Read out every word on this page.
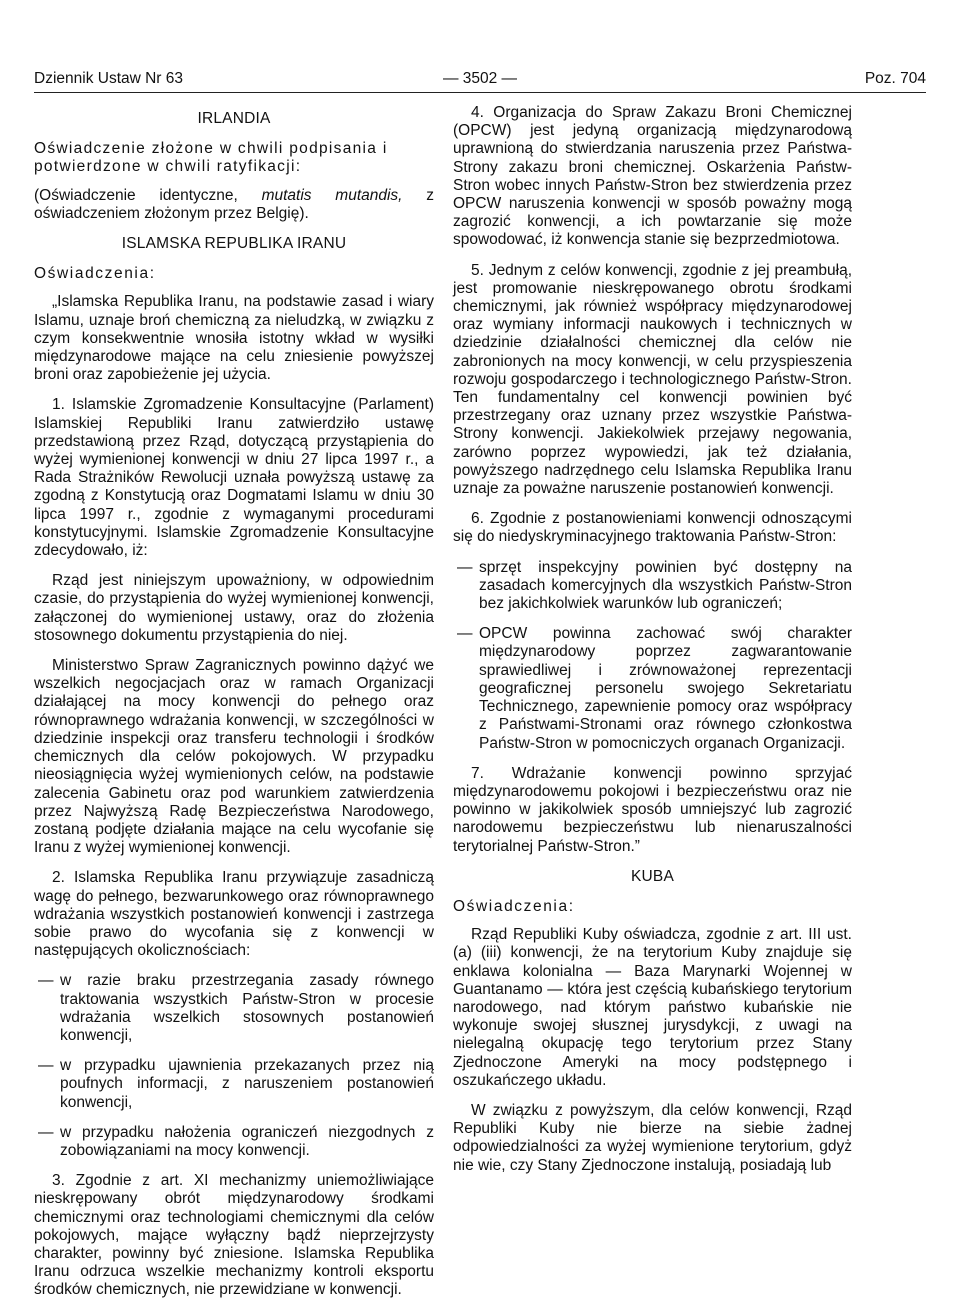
Dziennik Ustaw Nr 63	— 3502 —	Poz. 704
IRLANDIA

Oświadczenie złożone w chwili podpisania i potwierdzone w chwili ratyfikacji:

(Oświadczenie identyczne, mutatis mutandis, z oświadczeniem złożonym przez Belgię).

ISLAMSKA REPUBLIKA IRANU

Oświadczenia:

„Islamska Republika Iranu, na podstawie zasad i wiary Islamu, uznaje broń chemiczną za nieludzką, w związku z czym konsekwentnie wnosiła istotny wkład w wysiłki międzynarodowe mające na celu zniesienie powyższej broni oraz zapobieżenie jej użycia.

1. Islamskie Zgromadzenie Konsultacyjne (Parlament) Islamskiej Republiki Iranu zatwierdziło ustawę przedstawioną przez Rząd, dotyczącą przystąpienia do wyżej wymienionej konwencji w dniu 27 lipca 1997 r., a Rada Strażników Rewolucji uznała powyższą ustawę za zgodną z Konstytucją oraz Dogmatami Islamu w dniu 30 lipca 1997 r., zgodnie z wymaganymi procedurami konstytucyjnymi. Islamskie Zgromadzenie Konsultacyjne zdecydowało, iż:

Rząd jest niniejszym upoważniony, w odpowiednim czasie, do przystąpienia do wyżej wymienionej konwencji, załączonej do wymienionej ustawy, oraz do złożenia stosownego dokumentu przystąpienia do niej.

Ministerstwo Spraw Zagranicznych powinno dążyć we wszelkich negocjacjach oraz w ramach Organizacji działającej na mocy konwencji do pełnego oraz równoprawnego wdrażania konwencji, w szczególności w dziedzinie inspekcji oraz transferu technologii i środków chemicznych dla celów pokojowych. W przypadku nieosiągnięcia wyżej wymienionych celów, na podstawie zalecenia Gabinetu oraz pod warunkiem zatwierdzenia przez Najwyższą Radę Bezpieczeństwa Narodowego, zostaną podjęte działania mające na celu wycofanie się Iranu z wyżej wymienionej konwencji.

2. Islamska Republika Iranu przywiązuje zasadniczą wagę do pełnego, bezwarunkowego oraz równoprawnego wdrażania wszystkich postanowień konwencji i zastrzega sobie prawo do wycofania się z konwencji w następujących okolicznościach:

— w razie braku przestrzegania zasady równego traktowania wszystkich Państw-Stron w procesie wdrażania wszelkich stosownych postanowień konwencji,

— w przypadku ujawnienia przekazanych przez nią poufnych informacji, z naruszeniem postanowień konwencji,

— w przypadku nałożenia ograniczeń niezgodnych z zobowiązaniami na mocy konwencji.

3. Zgodnie z art. XI mechanizmy uniemożliwiające nieskrępowany obrót międzynarodowy środkami chemicznymi oraz technologiami chemicznymi dla celów pokojowych, mające wyłączny bądź nieprzejrzysty charakter, powinny być zniesione. Islamska Republika Iranu odrzuca wszelkie mechanizmy kontroli eksportu środków chemicznych, nie przewidziane w konwencji.

4. Organizacja do Spraw Zakazu Broni Chemicznej (OPCW) jest jedyną organizacją międzynarodową uprawnioną do stwierdzania naruszenia przez Państwa-Strony zakazu broni chemicznej. Oskarżenia Państw-Stron wobec innych Państw-Stron bez stwierdzenia przez OPCW naruszenia konwencji w sposób poważny mogą zagrozić konwencji, a ich powtarzanie się może spowodować, iż konwencja stanie się bezprzedmiotowa.

5. Jednym z celów konwencji, zgodnie z jej preambułą, jest promowanie nieskrępowanego obrotu środkami chemicznymi, jak również współpracy międzynarodowej oraz wymiany informacji naukowych i technicznych w dziedzinie działalności chemicznej dla celów nie zabronionych na mocy konwencji, w celu przyspieszenia rozwoju gospodarczego i technologicznego Państw-Stron. Ten fundamentalny cel konwencji powinien być przestrzegany oraz uznany przez wszystkie Państwa-Strony konwencji. Jakiekolwiek przejawy negowania, zarówno poprzez wypowiedzi, jak też działania, powyższego nadrzędnego celu Islamska Republika Iranu uznaje za poważne naruszenie postanowień konwencji.

6. Zgodnie z postanowieniami konwencji odnoszącymi się do niedyskryminacyjnego traktowania Państw-Stron:

— sprzęt inspekcyjny powinien być dostępny na zasadach komercyjnych dla wszystkich Państw-Stron bez jakichkolwiek warunków lub ograniczeń;

— OPCW powinna zachować swój charakter międzynarodowy poprzez zagwarantowanie sprawiedliwej i zrównoważonej reprezentacji geograficznej personelu swojego Sekretariatu Technicznego, zapewnienie pomocy oraz współpracy z Państwami-Stronami oraz równego członkostwa Państw-Stron w pomocniczych organach Organizacji.

7. Wdrażanie konwencji powinno sprzyjać międzynarodowemu pokojowi i bezpieczeństwu oraz nie powinno w jakikolwiek sposób umniejszyć lub zagrozić narodowemu bezpieczeństwu lub nienaruszalności terytorialnej Państw-Stron.”

KUBA

Oświadczenia:

Rząd Republiki Kuby oświadcza, zgodnie z art. III ust. (a) (iii) konwencji, że na terytorium Kuby znajduje się enklawa kolonialna — Baza Marynarki Wojennej w Guantanamo — która jest częścią kubańskiego terytorium narodowego, nad którym państwo kubańskie nie wykonuje swojej słusznej jurysdykcji, z uwagi na nielegalną okupację tego terytorium przez Stany Zjednoczone Ameryki na mocy podstępnego i oszukańczego układu.

W związku z powyższym, dla celów konwencji, Rząd Republiki Kuby nie bierze na siebie żadnej odpowiedzialności za wyżej wymienione terytorium, gdyż nie wie, czy Stany Zjednoczone instalują, posiadają lub
